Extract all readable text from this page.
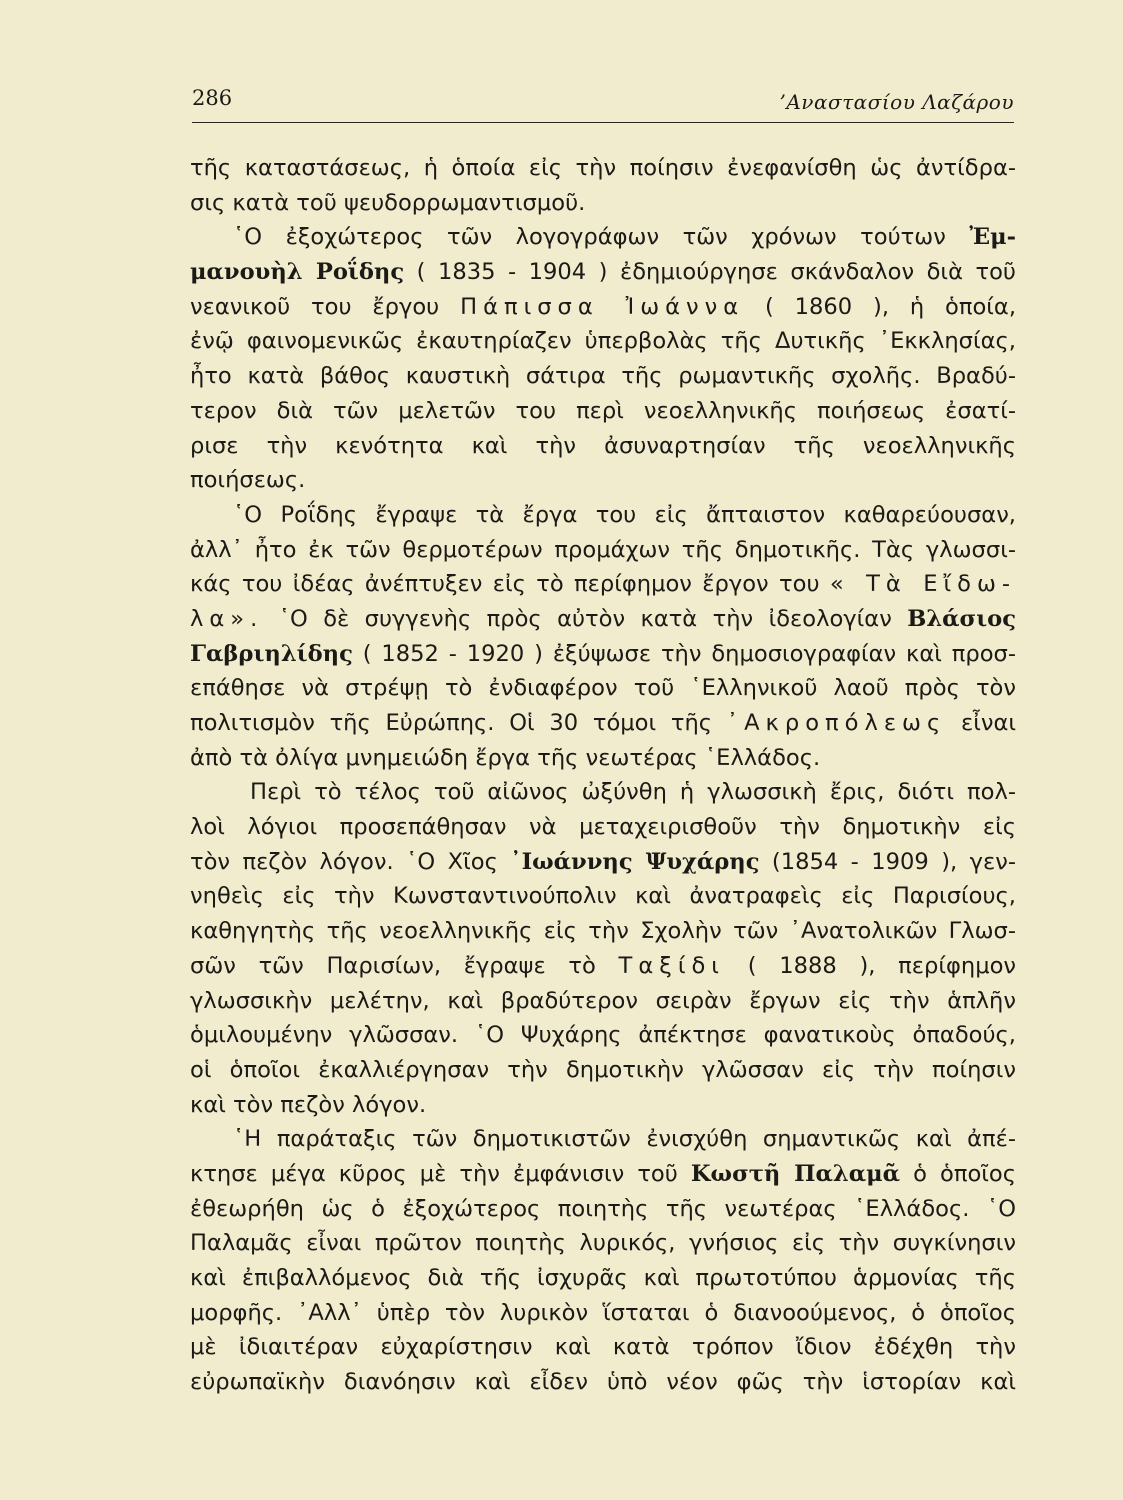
286	’Αναστασίου Λαζάρου
τῆς καταστάσεως, ἡ ὁποία εἰς τὴν ποίησιν ἐνεφανίσθη ὡς ἀντίδρα-
σις κατὰ τοῦ ψευδορρωμαντισμοῦ.
῾Ο ἐξοχώτερος τῶν λογογράφων τῶν χρόνων τούτων Ἐμ-
μανουὴλ Ροΐδης ( 1835 - 1904 ) ἐδημιούργησε σκάνδαλον διὰ τοῦ
νεανικοῦ του ἔργου Πάπισσα Ἰωάννα ( 1860 ), ἡ ὁποία,
ἐνῷ φαινομενικῶς ἐκαυτηρίαζεν ὑπερβολὰς τῆς Δυτικῆς ᾿Εκκλησίας,
ἦτο κατὰ βάθος καυστικὴ σάτιρα τῆς ρωμαντικῆς σχολῆς. Βραδύ-
τερον διὰ τῶν μελετῶν του περὶ νεοελληνικῆς ποιήσεως ἐσατί-
ρισε τὴν κενότητα καὶ τὴν ἀσυναρτησίαν τῆς νεοελληνικῆς
ποιήσεως.
῾Ο Ροΐδης ἔγραψε τὰ ἔργα του εἰς ἄπταιστον καθαρεύουσαν,
ἀλλ᾿ ἦτο ἐκ τῶν θερμοτέρων προμάχων τῆς δημοτικῆς. Τὰς γλωσσι-
κάς του ἰδέας ἀνέπτυξεν εἰς τὸ περίφημον ἔργον του « Τὰ Εἴδω-
λα». ῾Ο δὲ συγγενὴς πρὸς αὐτὸν κατὰ τὴν ἰδεολογίαν Βλάσιος
Γαβριηλίδης ( 1852 - 1920 ) ἐξύψωσε τὴν δημοσιογραφίαν καὶ προσ-
επάθησε νὰ στρέψῃ τὸ ἐνδιαφέρον τοῦ ῾Ελληνικοῦ λαοῦ πρὸς τὸν
πολιτισμὸν τῆς Εὐρώπης. Οἱ 30 τόμοι τῆς ᾿Ακροπόλεως εἶναι
ἀπὸ τὰ ὀλίγα μνημειώδη ἔργα τῆς νεωτέρας ῾Ελλάδος.
Περὶ τὸ τέλος τοῦ αἰῶνος ὠξύνθη ἡ γλωσσικὴ ἔρις, διότι πολ-
λοὶ λόγιοι προσεπάθησαν νὰ μεταχειρισθοῦν τὴν δημοτικὴν εἰς
τὸν πεζὸν λόγον. ῾Ο Χῖος ᾿Ιωάννης Ψυχάρης (1854 - 1909 ), γεν-
νηθεὶς εἰς τὴν Κωνσταντινούπολιν καὶ ἀνατραφεὶς εἰς Παρισίους,
καθηγητὴς τῆς νεοελληνικῆς εἰς τὴν Σχολὴν τῶν ᾿Ανατολικῶν Γλωσ-
σῶν τῶν Παρισίων, ἔγραψε τὸ Ταξίδι ( 1888 ), περίφημον
γλωσσικὴν μελέτην, καὶ βραδύτερον σειρὰν ἔργων εἰς τὴν ἁπλῆν
ὁμιλουμένην γλῶσσαν. ῾Ο Ψυχάρης ἀπέκτησε φανατικοὺς ὀπαδούς,
οἱ ὁποῖοι ἐκαλλιέργησαν τὴν δημοτικὴν γλῶσσαν εἰς τὴν ποίησιν
καὶ τὸν πεζὸν λόγον.
῾Η παράταξις τῶν δημοτικιστῶν ἐνισχύθη σημαντικῶς καὶ ἀπέ-
κτησε μέγα κῦρος μὲ τὴν ἐμφάνισιν τοῦ Κωστῆ Παλαμᾶ ὁ ὁποῖος
ἐθεωρήθη ὡς ὁ ἐξοχώτερος ποιητὴς τῆς νεωτέρας ῾Ελλάδος. ῾Ο
Παλαμᾶς εἶναι πρῶτον ποιητὴς λυρικός, γνήσιος εἰς τὴν συγκίνησιν
καὶ ἐπιβαλλόμενος διὰ τῆς ἰσχυρᾶς καὶ πρωτοτύπου ἁρμονίας τῆς
μορφῆς. ᾿Αλλ᾿ ὑπὲρ τὸν λυρικὸν ἵσταται ὁ διανοούμενος, ὁ ὁποῖος
μὲ ἰδιαιτέραν εὐχαρίστησιν καὶ κατὰ τρόπον ἴδιον ἐδέχθη τὴν
εὐρωπαϊκὴν διανόησιν καὶ εἶδεν ὑπὸ νέον φῶς τὴν ἱστορίαν καὶ
